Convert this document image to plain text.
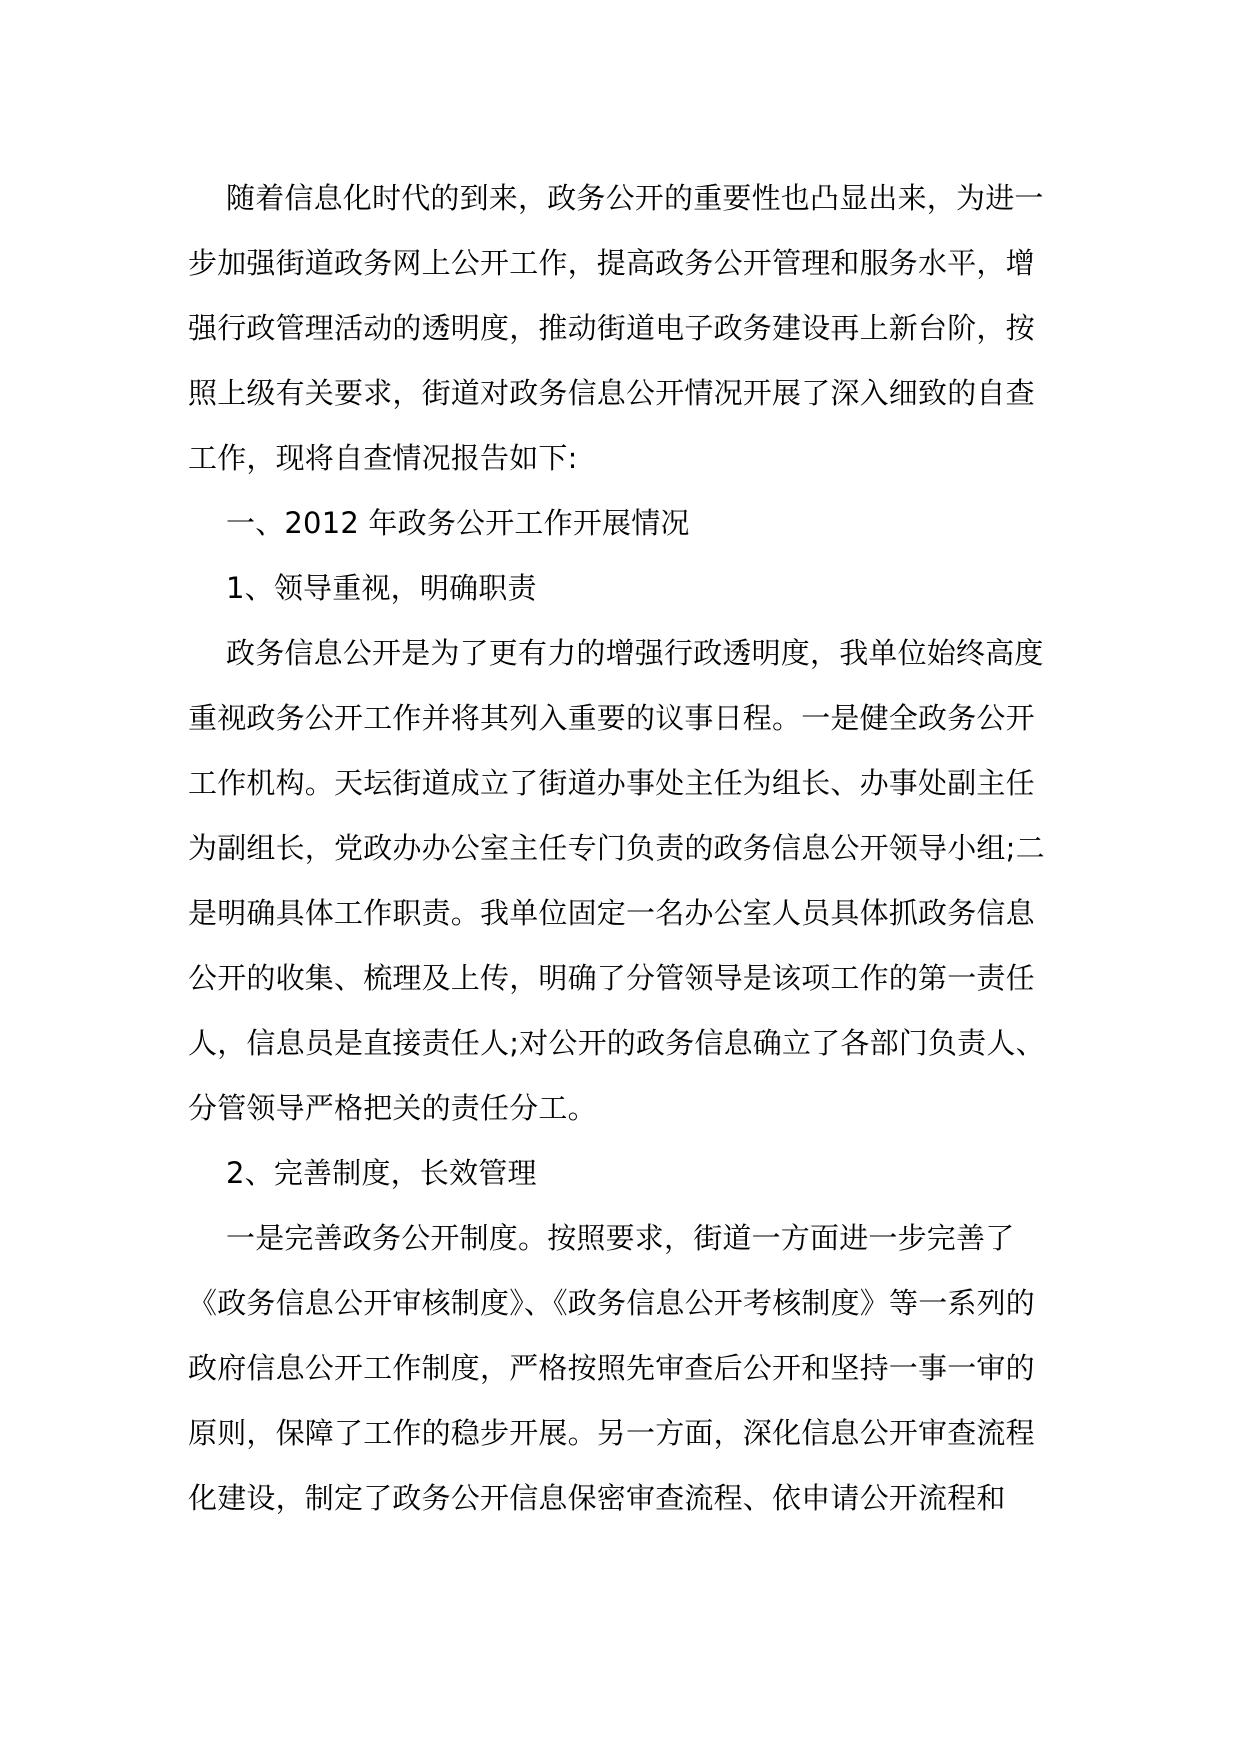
随着信息化时代的到来，政务公开的重要性也凸显出来，为进一步加强街道政务网上公开工作，提高政务公开管理和服务水平，增强行政管理活动的透明度，推动街道电子政务建设再上新台阶，按照上级有关要求，街道对政务信息公开情况开展了深入细致的自查工作，现将自查情况报告如下:

一、2012 年政务公开工作开展情况

1、领导重视，明确职责

政务信息公开是为了更有力的增强行政透明度，我单位始终高度重视政务公开工作并将其列入重要的议事日程。一是健全政务公开工作机构。天坛街道成立了街道办事处主任为组长、办事处副主任为副组长，党政办办公室主任专门负责的政务信息公开领导小组;二是明确具体工作职责。我单位固定一名办公室人员具体抓政务信息公开的收集、梳理及上传，明确了分管领导是该项工作的第一责任人，信息员是直接责任人;对公开的政务信息确立了各部门负责人、分管领导严格把关的责任分工。

2、完善制度，长效管理

一是完善政务公开制度。按照要求，街道一方面进一步完善了《政务信息公开审核制度》、《政务信息公开考核制度》等一系列的政府信息公开工作制度，严格按照先审查后公开和坚持一事一审的原则，保障了工作的稳步开展。另一方面，深化信息公开审查流程化建设，制定了政务公开信息保密审查流程、依申请公开流程和
